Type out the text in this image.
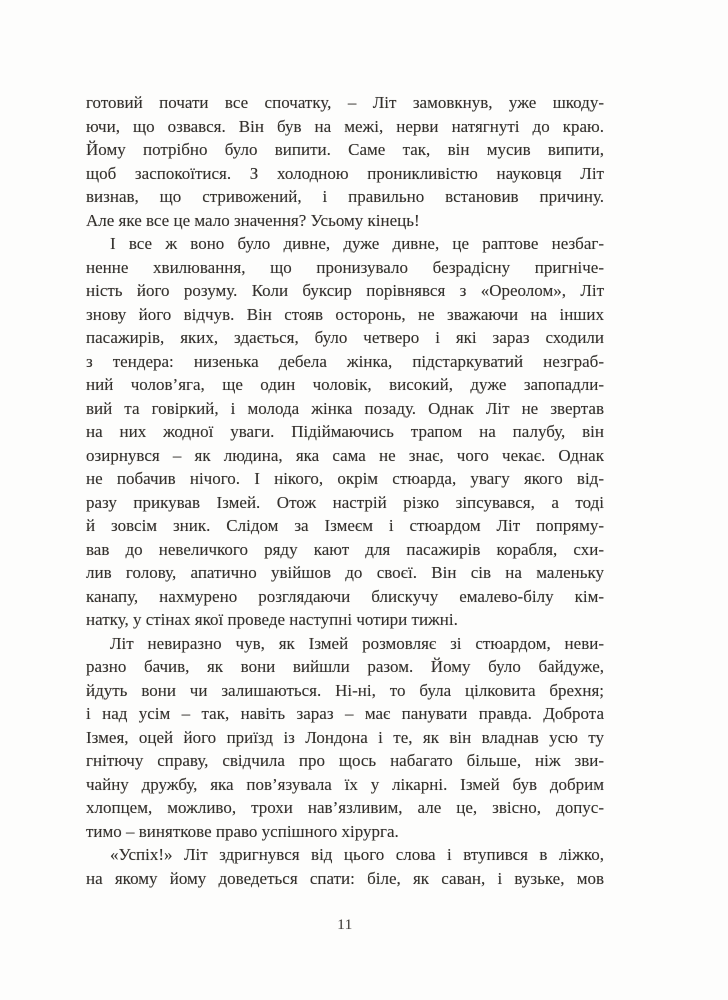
готовий почати все спочатку, – Літ замовкнув, уже шкоду-
ючи, що озвався. Він був на межі, нерви натягнуті до краю.
Йому потрібно було випити. Саме так, він мусив випити,
щоб заспокоїтися. З холодною проникливістю науковця Літ
визнав, що стривожений, і правильно встановив причину.
Але яке все це мало значення? Усьому кінець!
І все ж воно було дивне, дуже дивне, це раптове незбаг-
ненне хвилювання, що пронизувало безрадісну пригніче-
ність його розуму. Коли буксир порівнявся з «Ореолом», Літ
знову його відчув. Він стояв осторонь, не зважаючи на інших
пасажирів, яких, здається, було четверо і які зараз сходили
з тендера: низенька дебела жінка, підстаркуватий незграб-
ний чолов’яга, ще один чоловік, високий, дуже запопадли-
вий та говіркий, і молода жінка позаду. Однак Літ не звертав
на них жодної уваги. Підіймаючись трапом на палубу, він
озирнувся – як людина, яка сама не знає, чого чекає. Однак
не побачив нічого. І нікого, окрім стюарда, увагу якого від-
разу прикував Ізмей. Отож настрій різко зіпсувався, а тоді
й зовсім зник. Слідом за Ізмеєм і стюардом Літ попряму-
вав до невеличкого ряду кают для пасажирів корабля, схи-
лив голову, апатично увійшов до своєї. Він сів на маленьку
канапу, нахмурено розглядаючи блискучу емалево-білу кім-
натку, у стінах якої проведе наступні чотири тижні.
Літ невиразно чув, як Ізмей розмовляє зі стюардом, неви-
разно бачив, як вони вийшли разом. Йому було байдуже,
йдуть вони чи залишаються. Ні-ні, то була цілковита брехня;
і над усім – так, навіть зараз – має панувати правда. Доброта
Ізмея, оцей його приїзд із Лондона і те, як він владнав усю ту
гнітючу справу, свідчила про щось набагато більше, ніж зви-
чайну дружбу, яка пов’язувала їх у лікарні. Ізмей був добрим
хлопцем, можливо, трохи нав’язливим, але це, звісно, допус-
тимо – виняткове право успішного хірурга.
«Успіх!» Літ здригнувся від цього слова і втупився в ліжко,
на якому йому доведеться спати: біле, як саван, і вузьке, мов
11
